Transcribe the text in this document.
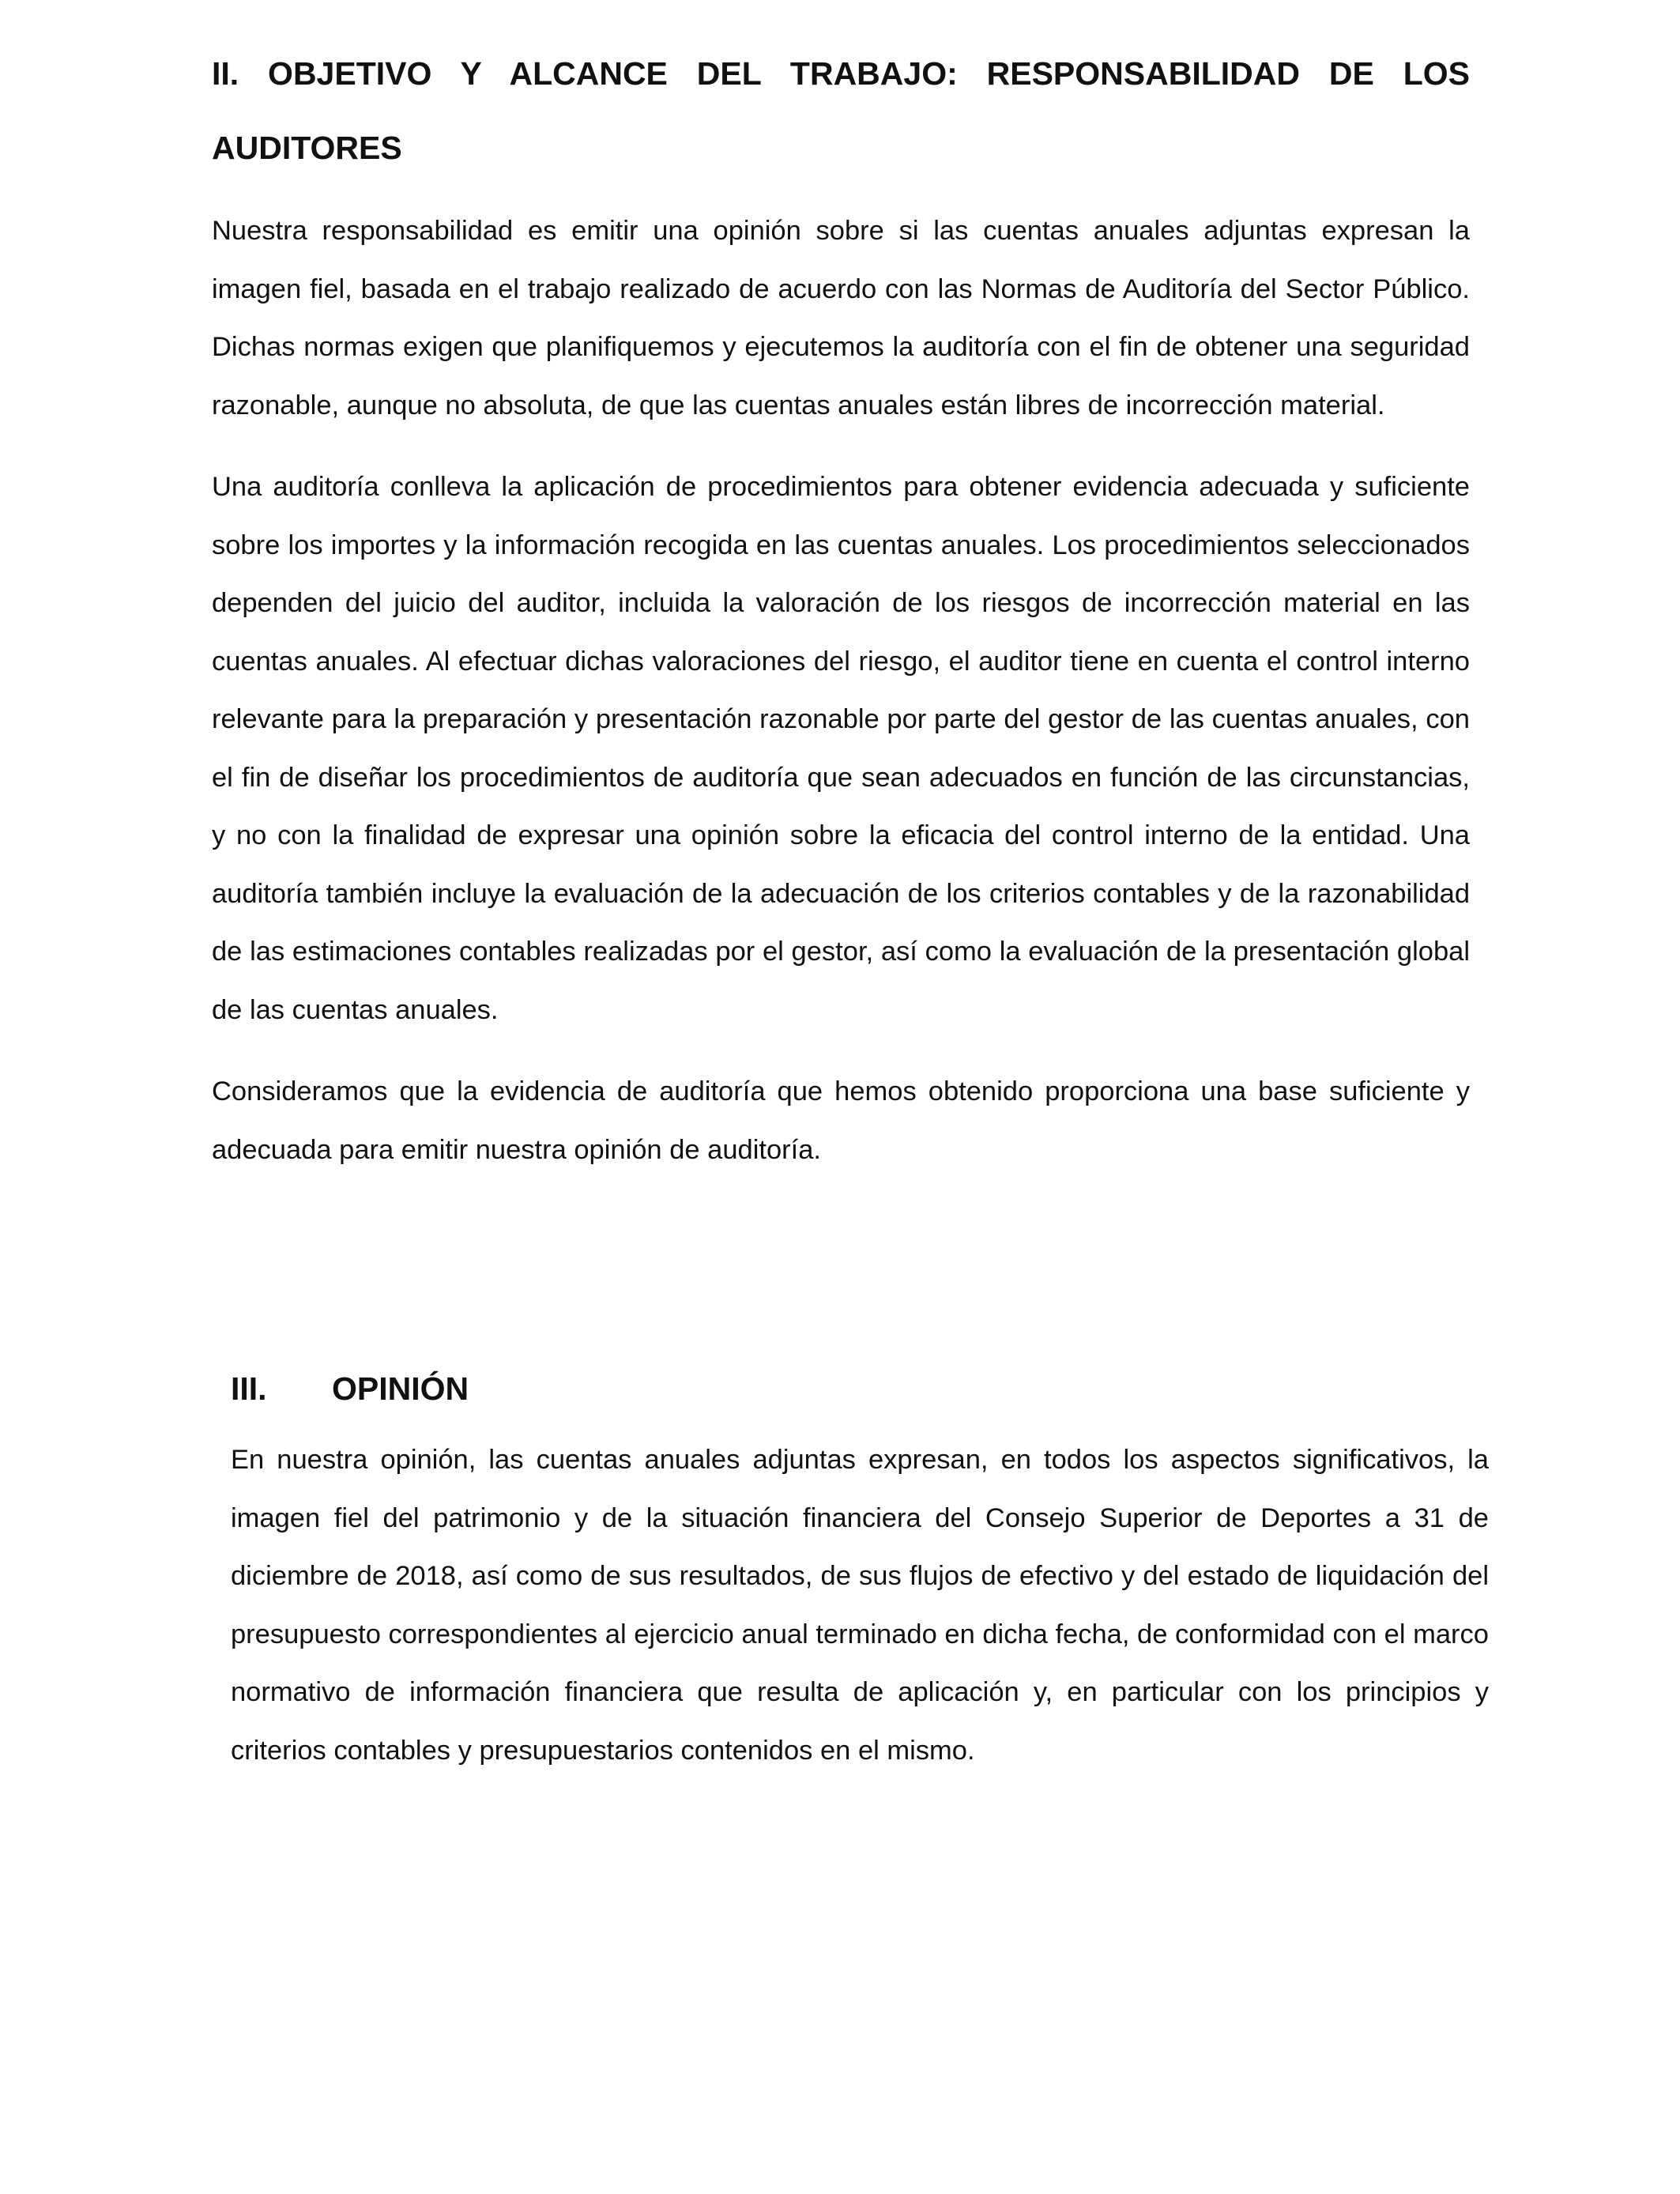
II. OBJETIVO Y ALCANCE DEL TRABAJO: RESPONSABILIDAD DE LOS AUDITORES

Nuestra responsabilidad es emitir una opinión sobre si las cuentas anuales adjuntas expresan la imagen fiel, basada en el trabajo realizado de acuerdo con las Normas de Auditoría del Sector Público. Dichas normas exigen que planifiquemos y ejecutemos la auditoría con el fin de obtener una seguridad razonable, aunque no absoluta, de que las cuentas anuales están libres de incorrección material.

Una auditoría conlleva la aplicación de procedimientos para obtener evidencia adecuada y suficiente sobre los importes y la información recogida en las cuentas anuales. Los procedimientos seleccionados dependen del juicio del auditor, incluida la valoración de los riesgos de incorrección material en las cuentas anuales. Al efectuar dichas valoraciones del riesgo, el auditor tiene en cuenta el control interno relevante para la preparación y presentación razonable por parte del gestor de las cuentas anuales, con el fin de diseñar los procedimientos de auditoría que sean adecuados en función de las circunstancias, y no con la finalidad de expresar una opinión sobre la eficacia del control interno de la entidad. Una auditoría también incluye la evaluación de la adecuación de los criterios contables y de la razonabilidad de las estimaciones contables realizadas por el gestor, así como la evaluación de la presentación global de las cuentas anuales.

Consideramos que la evidencia de auditoría que hemos obtenido proporciona una base suficiente y adecuada para emitir nuestra opinión de auditoría.

III.	OPINIÓN

En nuestra opinión, las cuentas anuales adjuntas expresan, en todos los aspectos significativos, la imagen fiel del patrimonio y de la situación financiera del Consejo Superior de Deportes a 31 de diciembre de 2018, así como de sus resultados, de sus flujos de efectivo y del estado de liquidación del presupuesto correspondientes al ejercicio anual terminado en dicha fecha, de conformidad con el marco normativo de información financiera que resulta de aplicación y, en particular con los principios y criterios contables y presupuestarios contenidos en el mismo.
